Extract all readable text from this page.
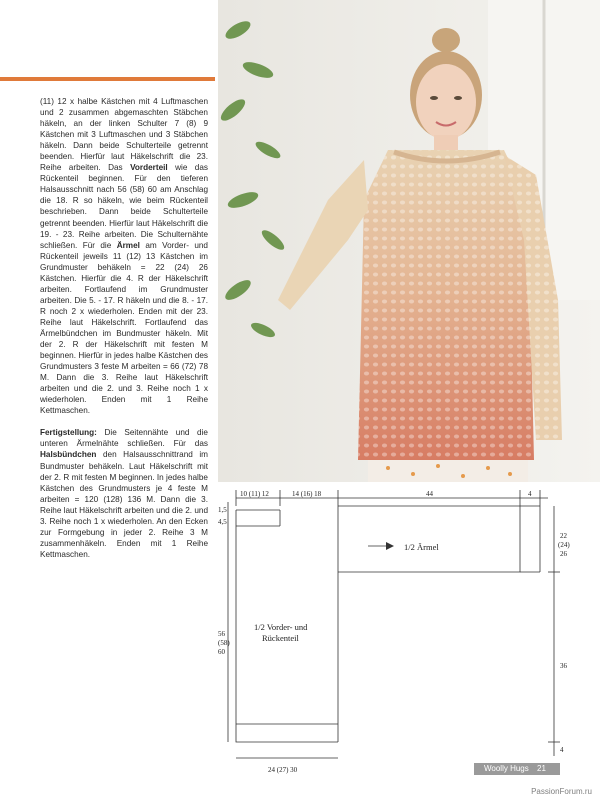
(11) 12 x halbe Kästchen mit 4 Luftmaschen und 2 zusammen abgemaschten Stäbchen häkeln, an der linken Schulter 7 (8) 9 Kästchen mit 3 Luftmaschen und 3 Stäbchen häkeln. Dann beide Schulterteile getrennt beenden. Hierfür laut Häkelschrift die 23. Reihe arbeiten. Das Vorderteil wie das Rückenteil beginnen. Für den tieferen Halsausschnitt nach 56 (58) 60 am Anschlag die 18. R so häkeln, wie beim Rückenteil beschrieben. Dann beide Schulterteile getrennt beenden. Hierfür laut Häkelschrift die 19. - 23. Reihe arbeiten. Die Schulternähte schließen. Für die Ärmel am Vorder- und Rückenteil jeweils 11 (12) 13 Kästchen im Grundmuster behäkeln = 22 (24) 26 Kästchen. Hierfür die 4. R der Häkelschrift arbeiten. Fortlaufend im Grundmuster arbeiten. Die 5. - 17. R häkeln und die 8. - 17. R noch 2 x wiederholen. Enden mit der 23. Reihe laut Häkelschrift. Fortlaufend das Ärmelbündchen im Bundmuster häkeln. Mit der 2. R der Häkelschrift mit festen M beginnen. Hierfür in jedes halbe Kästchen des Grundmusters 3 feste M arbeiten = 66 (72) 78 M. Dann die 3. Reihe laut Häkelschrift arbeiten und die 2. und 3. Reihe noch 1 x wiederholen. Enden mit 1 Reihe Kettmaschen.

Fertigstellung: Die Seitennähte und die unteren Ärmelnähte schließen. Für das Halsbündchen den Halsausschnittrand im Bundmuster behäkeln. Laut Häkelschrift mit der 2. R mit festen M beginnen. In jedes halbe Kästchen des Grundmusters je 4 feste M arbeiten = 120 (128) 136 M. Dann die 3. Reihe laut Häkelschrift arbeiten und die 2. und 3. Reihe noch 1 x wiederholen. An den Ecken zur Formgebung in jeder 2. Reihe 3 M zusammenhäkeln. Enden mit 1 Reihe Kettmaschen.

10 (11) 12	14 (16) 18	44	4
1,5
4,5
56
(58)
60
22
(24)
26
36
4
24 (27) 30
1/2 Ärmel
1/2 Vorder- und
Rückenteil
Woolly Hugs 21
PassionForum.ru
